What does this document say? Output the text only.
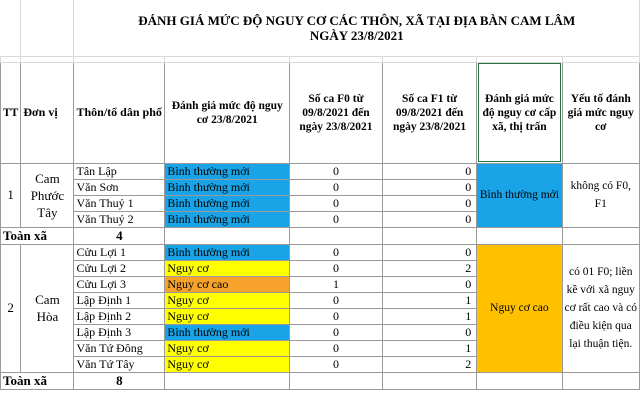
		ĐÁNH GIÁ MỨC ĐỘ NGUY CƠ CÁC THÔN, XÃ TẠI ĐỊA BÀN CAM LÂM
NGÀY 23/8/2021					

TT	Đơn vị	Thôn/tổ dân phố	Đánh giá mức độ nguy cơ 23/8/2021	Số ca F0 từ 09/8/2021 đến ngày 23/8/2021	Số ca F1 từ 09/8/2021 đến ngày 23/8/2021	Đánh giá mức độ nguy cơ cấp xã, thị trấn	Yếu tố đánh giá mức nguy cơ
1	Cam Phước Tây	Tân Lập	Bình thường mới	0	0	Bình thường mới	không có F0, F1
		Văn Sơn	Bình thường mới	0	0		
		Văn Thuỷ 1	Bình thường mới	0	0		
		Văn Thuỷ 2	Bình thường mới	0	0		
Toàn xã		4					
2	Cam Hòa	Cửu Lợi 1	Bình thường mới	0	0	Nguy cơ cao	có 01 F0; liền kề với xã nguy cơ rất cao và có điều kiện qua lại thuận tiện.
		Cửu Lợi 2	Nguy cơ	0	2		
		Cửu Lợi 3	Nguy cơ cao	1	0		
		Lập Định 1	Nguy cơ	0	1		
		Lập Định 2	Nguy cơ	0	1		
		Lập Định 3	Bình thường mới	0	0		
		Văn Tứ Đông	Nguy cơ	0	1		
		Văn Tứ Tây	Nguy cơ	0	2		
Toàn xã		8					
